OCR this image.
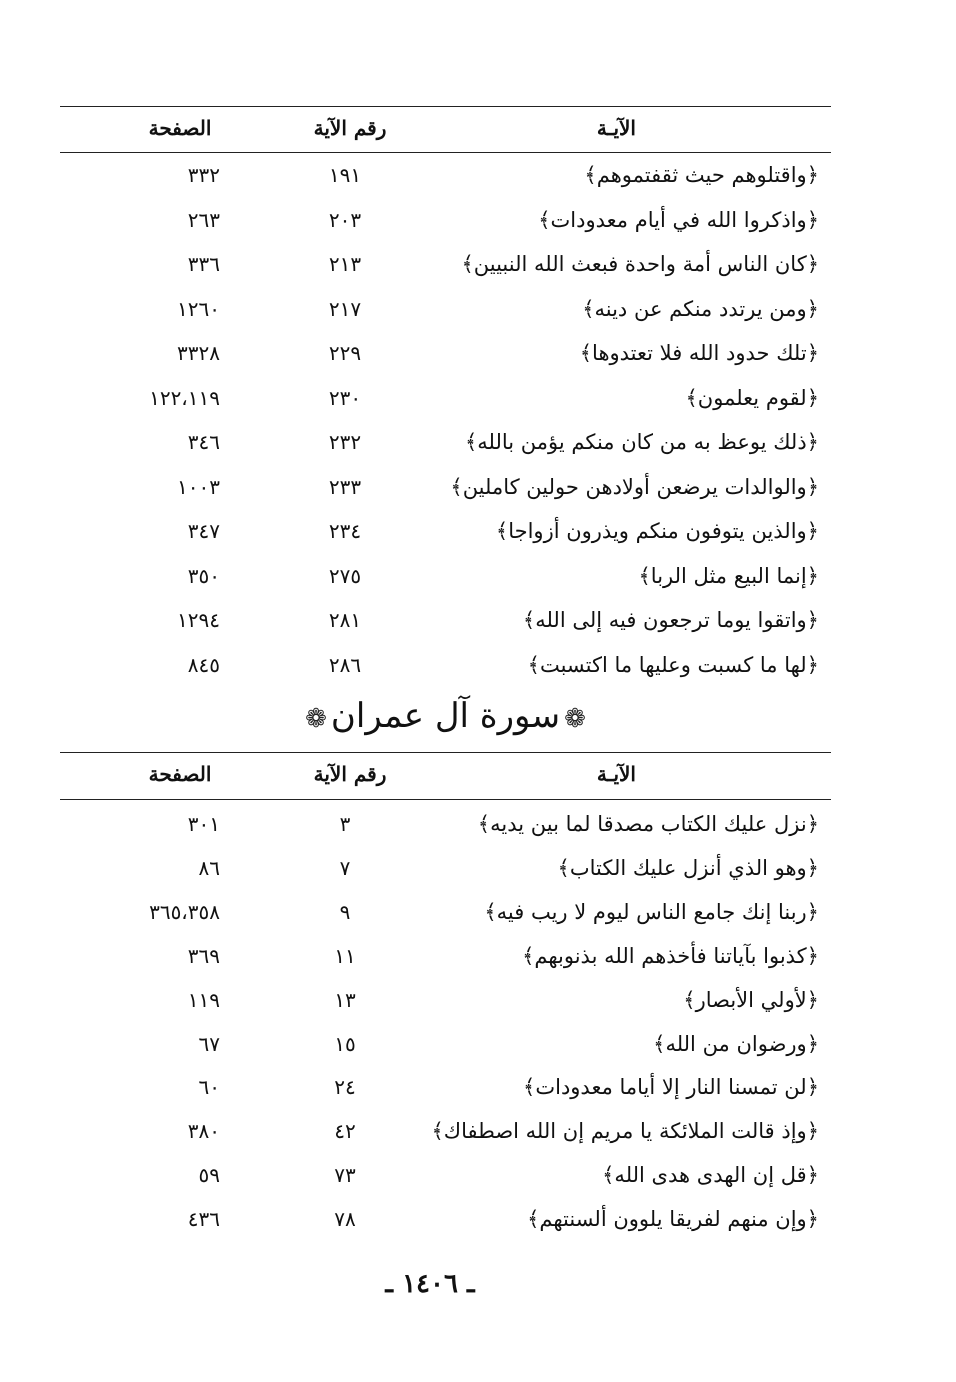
الآيـة
رقم الآية
الصفحة
﴿واقتلوهم حيث ثقفتموهم﴾
١٩١
٣٣٢
﴿واذكروا الله في أيام معدودات﴾
٢٠٣
٢٦٣
﴿كان الناس أمة واحدة فبعث الله النبيين﴾
٢١٣
٣٣٦
﴿ومن يرتدد منكم عن دينه﴾
٢١٧
١٢٦٠
﴿تلك حدود الله فلا تعتدوها﴾
٢٢٩
٣٣٢٨
﴿لقوم يعلمون﴾
٢٣٠
١٢٢،١١٩
﴿ذلك يوعظ به من كان منكم يؤمن بالله﴾
٢٣٢
٣٤٦
﴿والوالدات يرضعن أولادهن حولين كاملين﴾
٢٣٣
١٠٠٣
﴿والذين يتوفون منكم ويذرون أزواجا﴾
٢٣٤
٣٤٧
﴿إنما البيع مثل الربا﴾
٢٧٥
٣٥٠
﴿واتقوا يوما ترجعون فيه إلى الله﴾
٢٨١
١٢٩٤
﴿لها ما كسبت وعليها ما اكتسبت﴾
٢٨٦
٨٤٥
❁سورة آل عمران❁
الآيـة
رقم الآية
الصفحة
﴿نزل عليك الكتاب مصدقا لما بين يديه﴾
٣
٣٠١
﴿وهو الذي أنزل عليك الكتاب﴾
٧
٨٦
﴿ربنا إنك جامع الناس ليوم لا ريب فيه﴾
٩
٣٦٥،٣٥٨
﴿كذبوا بآياتنا فأخذهم الله بذنوبهم﴾
١١
٣٦٩
﴿لأولي الأبصار﴾
١٣
١١٩
﴿ورضوان من الله﴾
١٥
٦٧
﴿لن تمسنا النار إلا أياما معدودات﴾
٢٤
٦٠
﴿وإذ قالت الملائكة يا مريم إن الله اصطفاك﴾
٤٢
٣٨٠
﴿قل إن الهدى هدى الله﴾
٧٣
٥٩
﴿وإن منهم لفريقا يلوون ألسنتهم﴾
٧٨
٤٣٦
ـ ١٤٠٦ ـ
